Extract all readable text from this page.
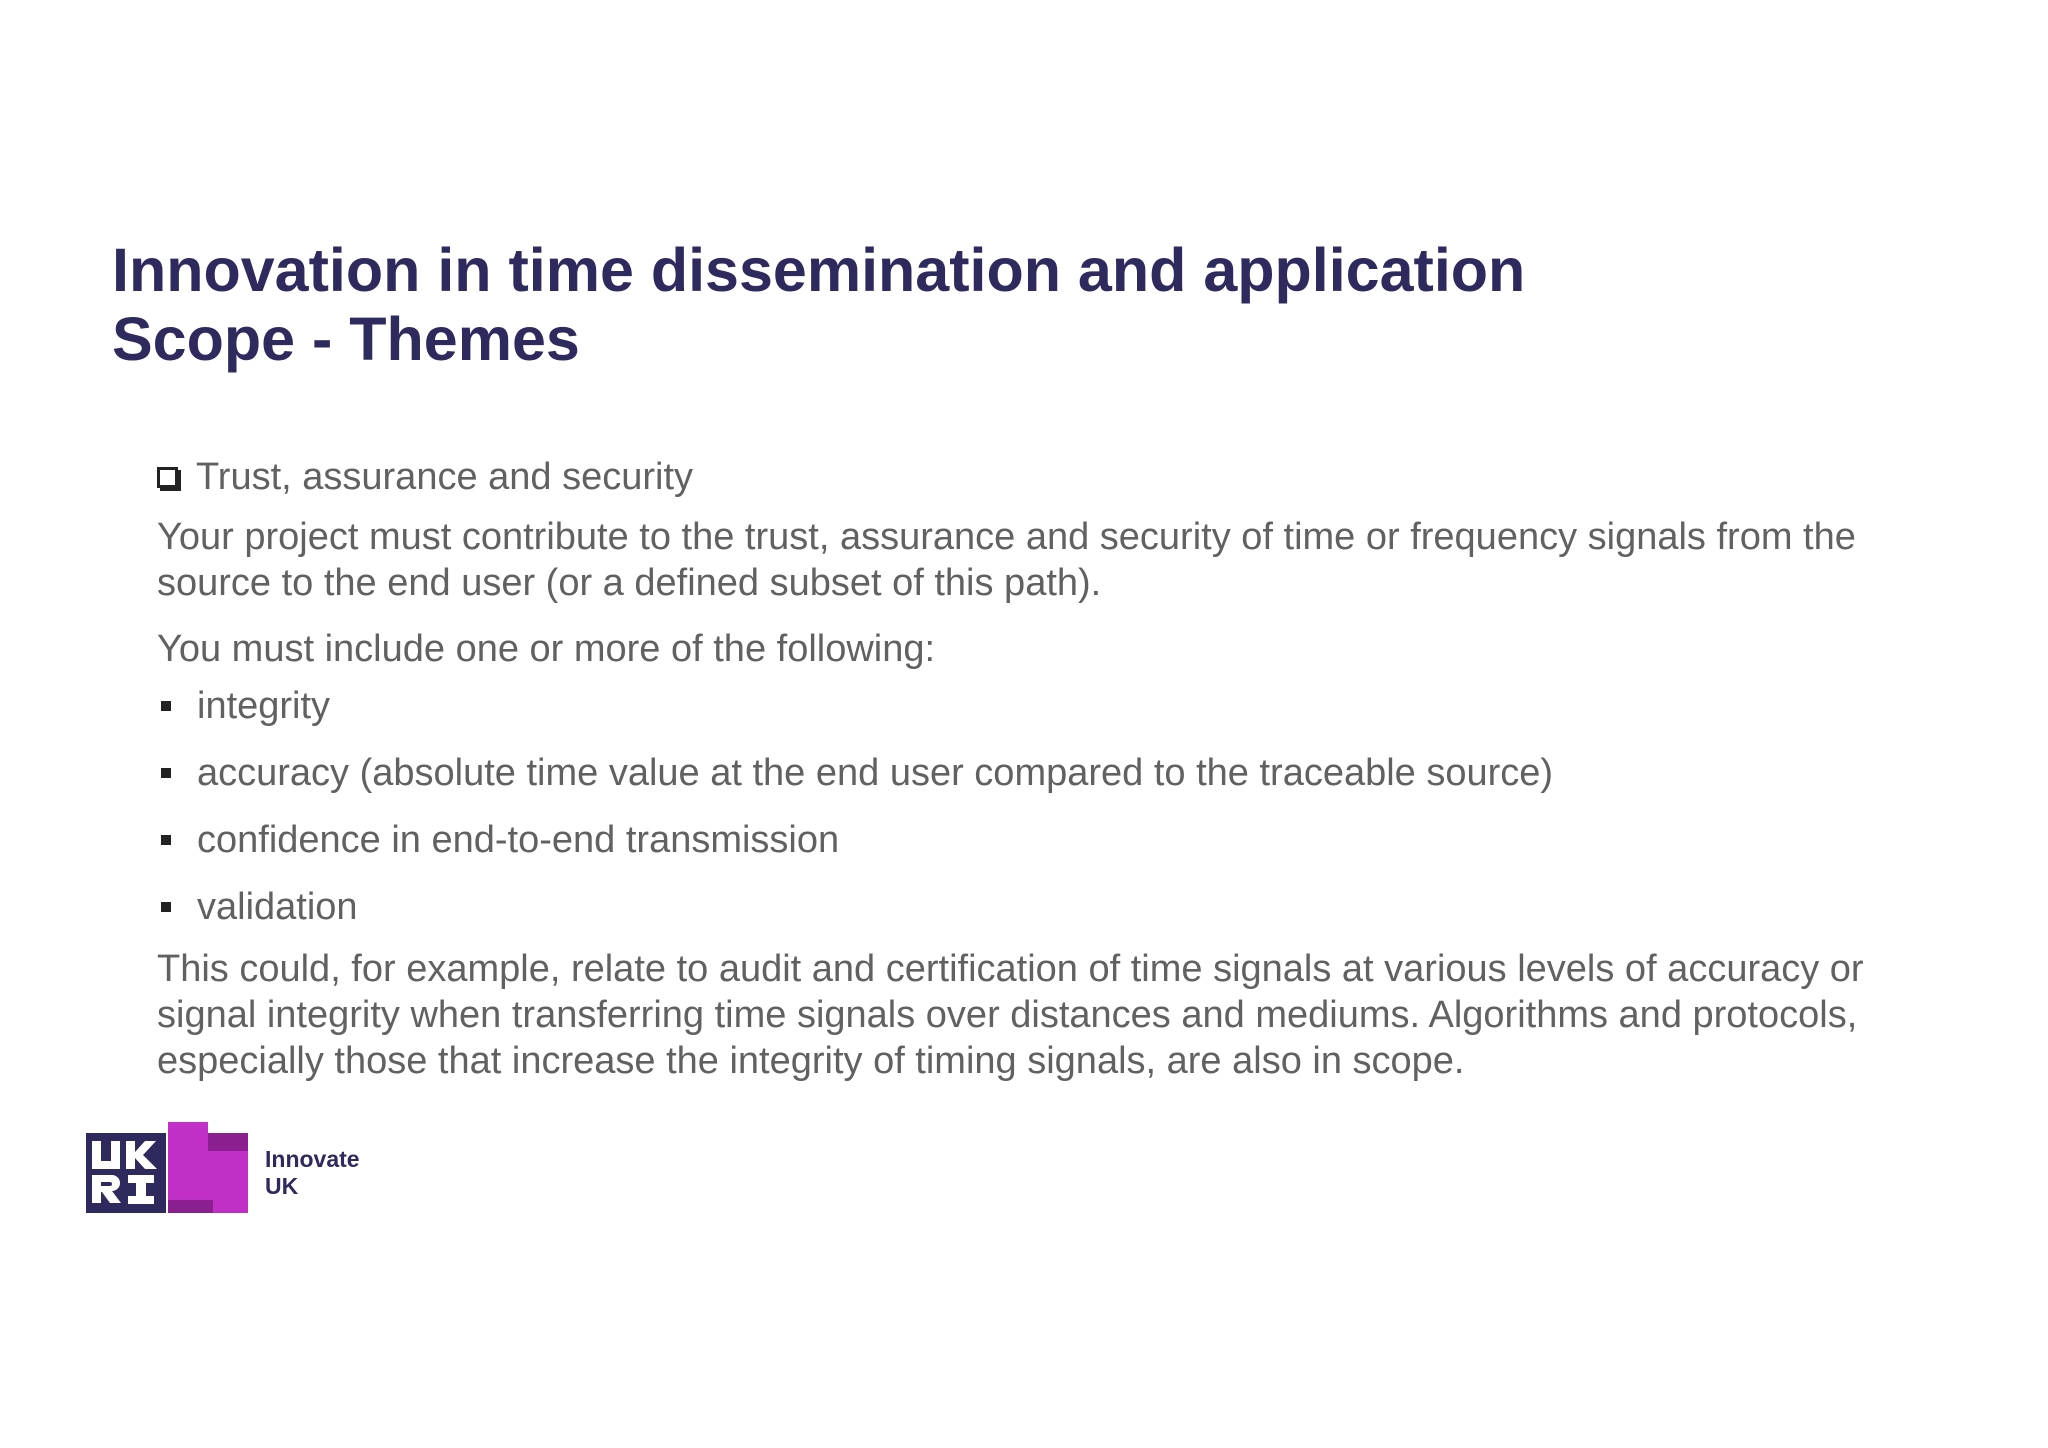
Innovation in time dissemination and application
Scope - Themes
Trust, assurance and security

Your project must contribute to the trust, assurance and security of time or frequency signals from the source to the end user (or a defined subset of this path).

You must include one or more of the following:

integrity
accuracy (absolute time value at the end user compared to the traceable source)
confidence in end-to-end transmission
validation

This could, for example, relate to audit and certification of time signals at various levels of accuracy or signal integrity when transferring time signals over distances and mediums. Algorithms and protocols, especially those that increase the integrity of timing signals, are also in scope.

Innovate
UK
